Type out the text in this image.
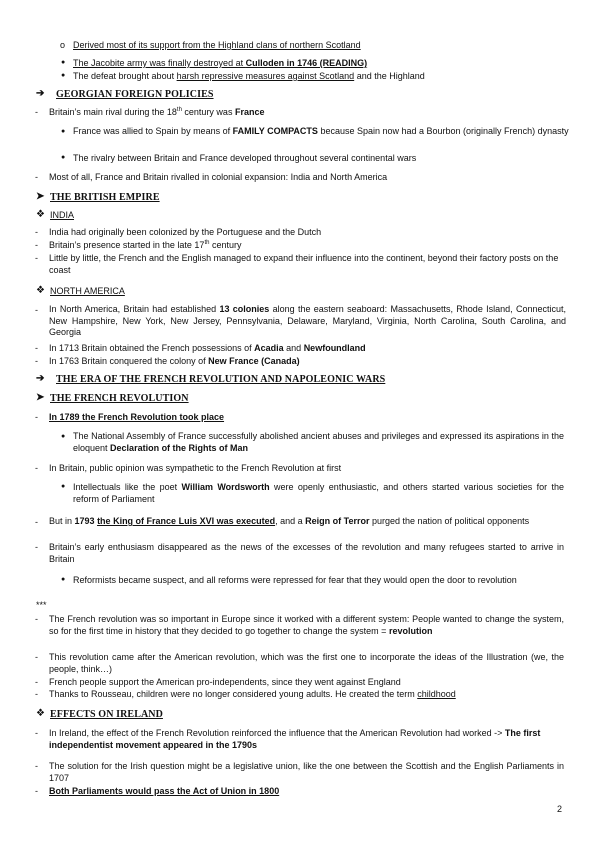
o Derived most of its support from the Highland clans of northern Scotland
● The Jacobite army was finally destroyed at Culloden in 1746 (READING)
● The defeat brought about harsh repressive measures against Scotland and the Highland
➔ GEORGIAN FOREIGN POLICIES
- Britain’s main rival during the 18th century was France
● France was allied to Spain by means of FAMILY COMPACTS because Spain now had a Bourbon (originally French) dynasty
● The rivalry between Britain and France developed throughout several continental wars
- Most of all, France and Britain rivalled in colonial expansion: India and North America
➤ THE BRITISH EMPIRE
❖ INDIA
- India had originally been colonized by the Portuguese and the Dutch
- Britain’s presence started in the late 17th century
- Little by little, the French and the English managed to expand their influence into the continent, beyond their factory posts on the coast
❖ NORTH AMERICA
- In North America, Britain had established 13 colonies along the eastern seaboard: Massachusetts, Rhode Island, Connecticut, New Hampshire, New York, New Jersey, Pennsylvania, Delaware, Maryland, Virginia, North Carolina, South Carolina, and Georgia
- In 1713 Britain obtained the French possessions of Acadia and Newfoundland
- In 1763 Britain conquered the colony of New France (Canada)
➔ THE ERA OF THE FRENCH REVOLUTION AND NAPOLEONIC WARS
➤ THE FRENCH REVOLUTION
- In 1789 the French Revolution took place
● The National Assembly of France successfully abolished ancient abuses and privileges and expressed its aspirations in the eloquent Declaration of the Rights of Man
- In Britain, public opinion was sympathetic to the French Revolution at first
● Intellectuals like the poet William Wordsworth were openly enthusiastic, and others started various societies for the reform of Parliament
- But in 1793 the King of France Luis XVI was executed, and a Reign of Terror purged the nation of political opponents
- Britain’s early enthusiasm disappeared as the news of the excesses of the revolution and many refugees started to arrive in Britain
● Reformists became suspect, and all reforms were repressed for fear that they would open the door to revolution
***
- The French revolution was so important in Europe since it worked with a different system: People wanted to change the system, so for the first time in history that they decided to go together to change the system = revolution
- This revolution came after the American revolution, which was the first one to incorporate the ideas of the Illustration (we, the people, think…)
- French people support the American pro-independents, since they went against England
- Thanks to Rousseau, children were no longer considered young adults. He created the term childhood
❖ EFFECTS ON IRELAND
- In Ireland, the effect of the French Revolution reinforced the influence that the American Revolution had worked -> The first independentist movement appeared in the 1790s
- The solution for the Irish question might be a legislative union, like the one between the Scottish and the English Parliaments in 1707
- Both Parliaments would pass the Act of Union in 1800
2
